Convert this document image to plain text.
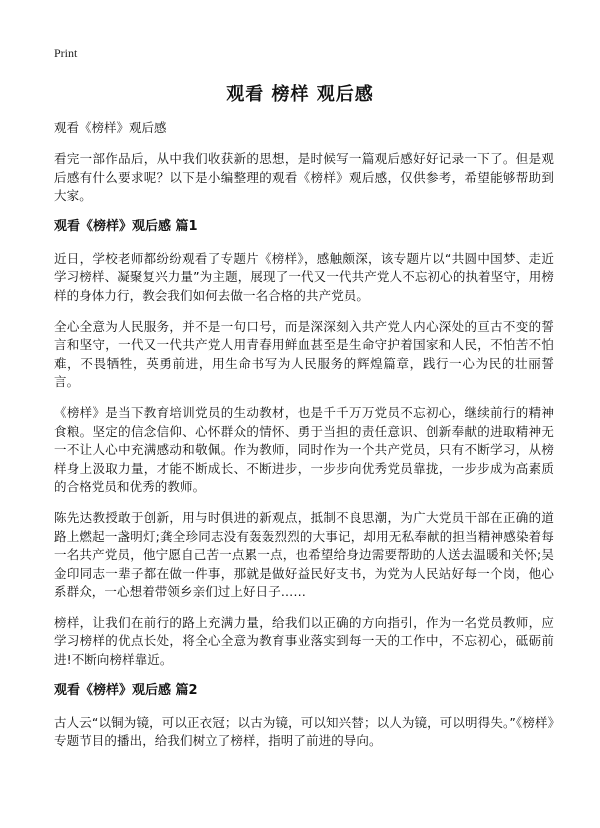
Print
观看 榜样 观后感
观看《榜样》观后感
看完一部作品后，从中我们收获新的思想，是时候写一篇观后感好好记录一下了。但是观后感有什么要求呢？以下是小编整理的观看《榜样》观后感，仅供参考，希望能够帮助到大家。
观看《榜样》观后感 篇1
近日，学校老师都纷纷观看了专题片《榜样》，感触颇深，该专题片以“共圆中国梦、走近学习榜样、凝聚复兴力量”为主题，展现了一代又一代共产党人不忘初心的执着坚守，用榜样的身体力行，教会我们如何去做一名合格的共产党员。
全心全意为人民服务，并不是一句口号，而是深深刻入共产党人内心深处的亘古不变的誓言和坚守，一代又一代共产党人用青春用鲜血甚至是生命守护着国家和人民，不怕苦不怕难，不畏牺牲，英勇前进，用生命书写为人民服务的辉煌篇章，践行一心为民的壮丽誓言。
《榜样》是当下教育培训党员的生动教材，也是千千万万党员不忘初心，继续前行的精神食粮。坚定的信念信仰、心怀群众的情怀、勇于当担的责任意识、创新奉献的进取精神无一不让人心中充满感动和敬佩。作为教师，同时作为一个共产党员，只有不断学习，从榜样身上汲取力量，才能不断成长、不断进步，一步步向优秀党员靠拢，一步步成为高素质的合格党员和优秀的教师。
陈先达教授敢于创新，用与时俱进的新观点，抵制不良思潮，为广大党员干部在正确的道路上燃起一盏明灯;龚全珍同志没有轰轰烈烈的大事记，却用无私奉献的担当精神感染着每一名共产党员，他宁愿自己苦一点累一点，也希望给身边需要帮助的人送去温暖和关怀;吴金印同志一辈子都在做一件事，那就是做好益民好支书，为党为人民站好每一个岗，他心系群众，一心想着带领乡亲们过上好日子……
榜样，让我们在前行的路上充满力量，给我们以正确的方向指引，作为一名党员教师，应学习榜样的优点长处，将全心全意为教育事业落实到每一天的工作中，不忘初心，砥砺前进!不断向榜样靠近。
观看《榜样》观后感 篇2
古人云“以铜为镜，可以正衣冠；以古为镜，可以知兴替；以人为镜，可以明得失。”《榜样》专题节目的播出，给我们树立了榜样，指明了前进的导向。
